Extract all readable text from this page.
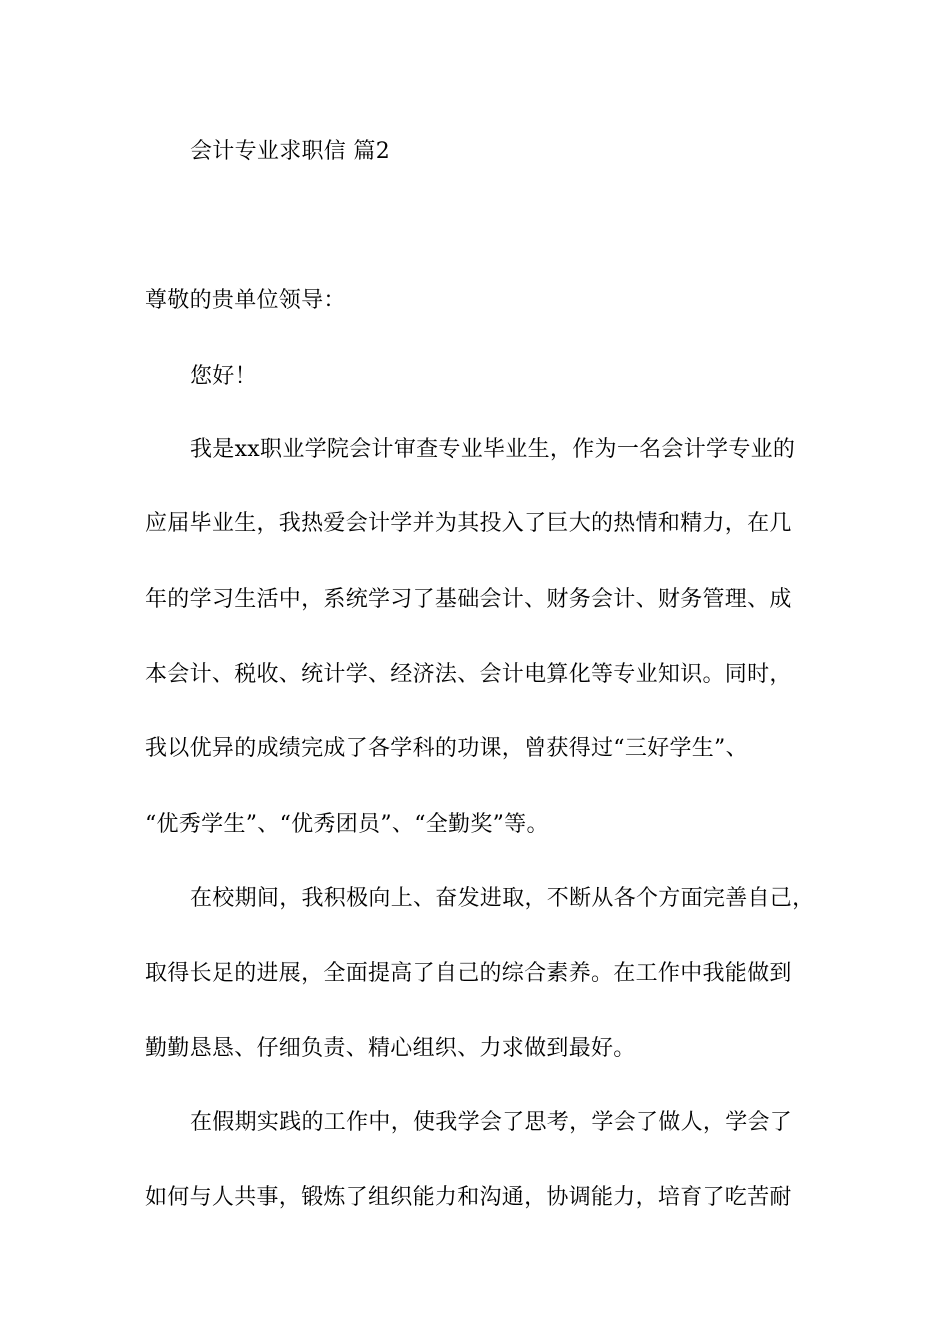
会计专业求职信 篇2
尊敬的贵单位领导：
您好！
我是xx职业学院会计审查专业毕业生，作为一名会计学专业的
应届毕业生，我热爱会计学并为其投入了巨大的热情和精力，在几
年的学习生活中，系统学习了基础会计、财务会计、财务管理、成
本会计、税收、统计学、经济法、会计电算化等专业知识。同时，
我以优异的成绩完成了各学科的功课，曾获得过“三好学生”、
“优秀学生”、“优秀团员”、“全勤奖”等。
在校期间，我积极向上、奋发进取，不断从各个方面完善自己，
取得长足的进展，全面提高了自己的综合素养。在工作中我能做到
勤勤恳恳、仔细负责、精心组织、力求做到最好。
在假期实践的工作中，使我学会了思考，学会了做人，学会了
如何与人共事，锻炼了组织能力和沟通，协调能力，培育了吃苦耐
